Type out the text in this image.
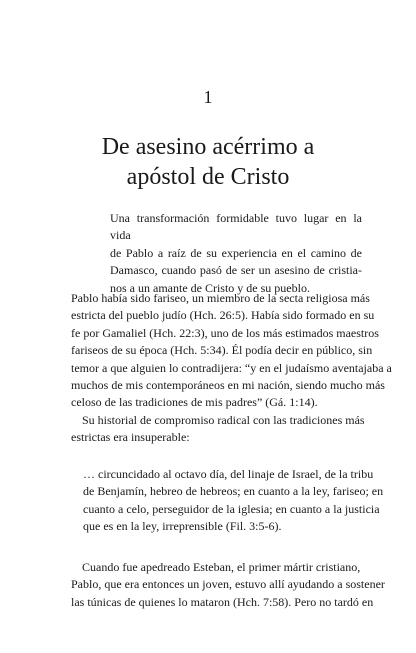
1
De asesino acérrimo a
apóstol de Cristo
Una transformación formidable tuvo lugar en la vida
de Pablo a raíz de su experiencia en el camino de
Damasco, cuando pasó de ser un asesino de cristia-
nos a un amante de Cristo y de su pueblo.
Pablo había sido fariseo, un miembro de la secta religiosa más
estricta del pueblo judío (Hch. 26:5). Había sido formado en su
fe por Gamaliel (Hch. 22:3), uno de los más estimados maestros
fariseos de su época (Hch. 5:34). Él podía decir en público, sin
temor a que alguien lo contradijera: “y en el judaísmo aventajaba a
muchos de mis contemporáneos en mi nación, siendo mucho más
celoso de las tradiciones de mis padres” (Gá. 1:14).
Su historial de compromiso radical con las tradiciones más
estrictas era insuperable:
… circuncidado al octavo día, del linaje de Israel, de la tribu
de Benjamín, hebreo de hebreos; en cuanto a la ley, fariseo; en
cuanto a celo, perseguidor de la iglesia; en cuanto a la justicia
que es en la ley, irreprensible (Fil. 3:5-6).
Cuando fue apedreado Esteban, el primer mártir cristiano,
Pablo, que era entonces un joven, estuvo allí ayudando a sostener
las túnicas de quienes lo mataron (Hch. 7:58). Pero no tardó en
